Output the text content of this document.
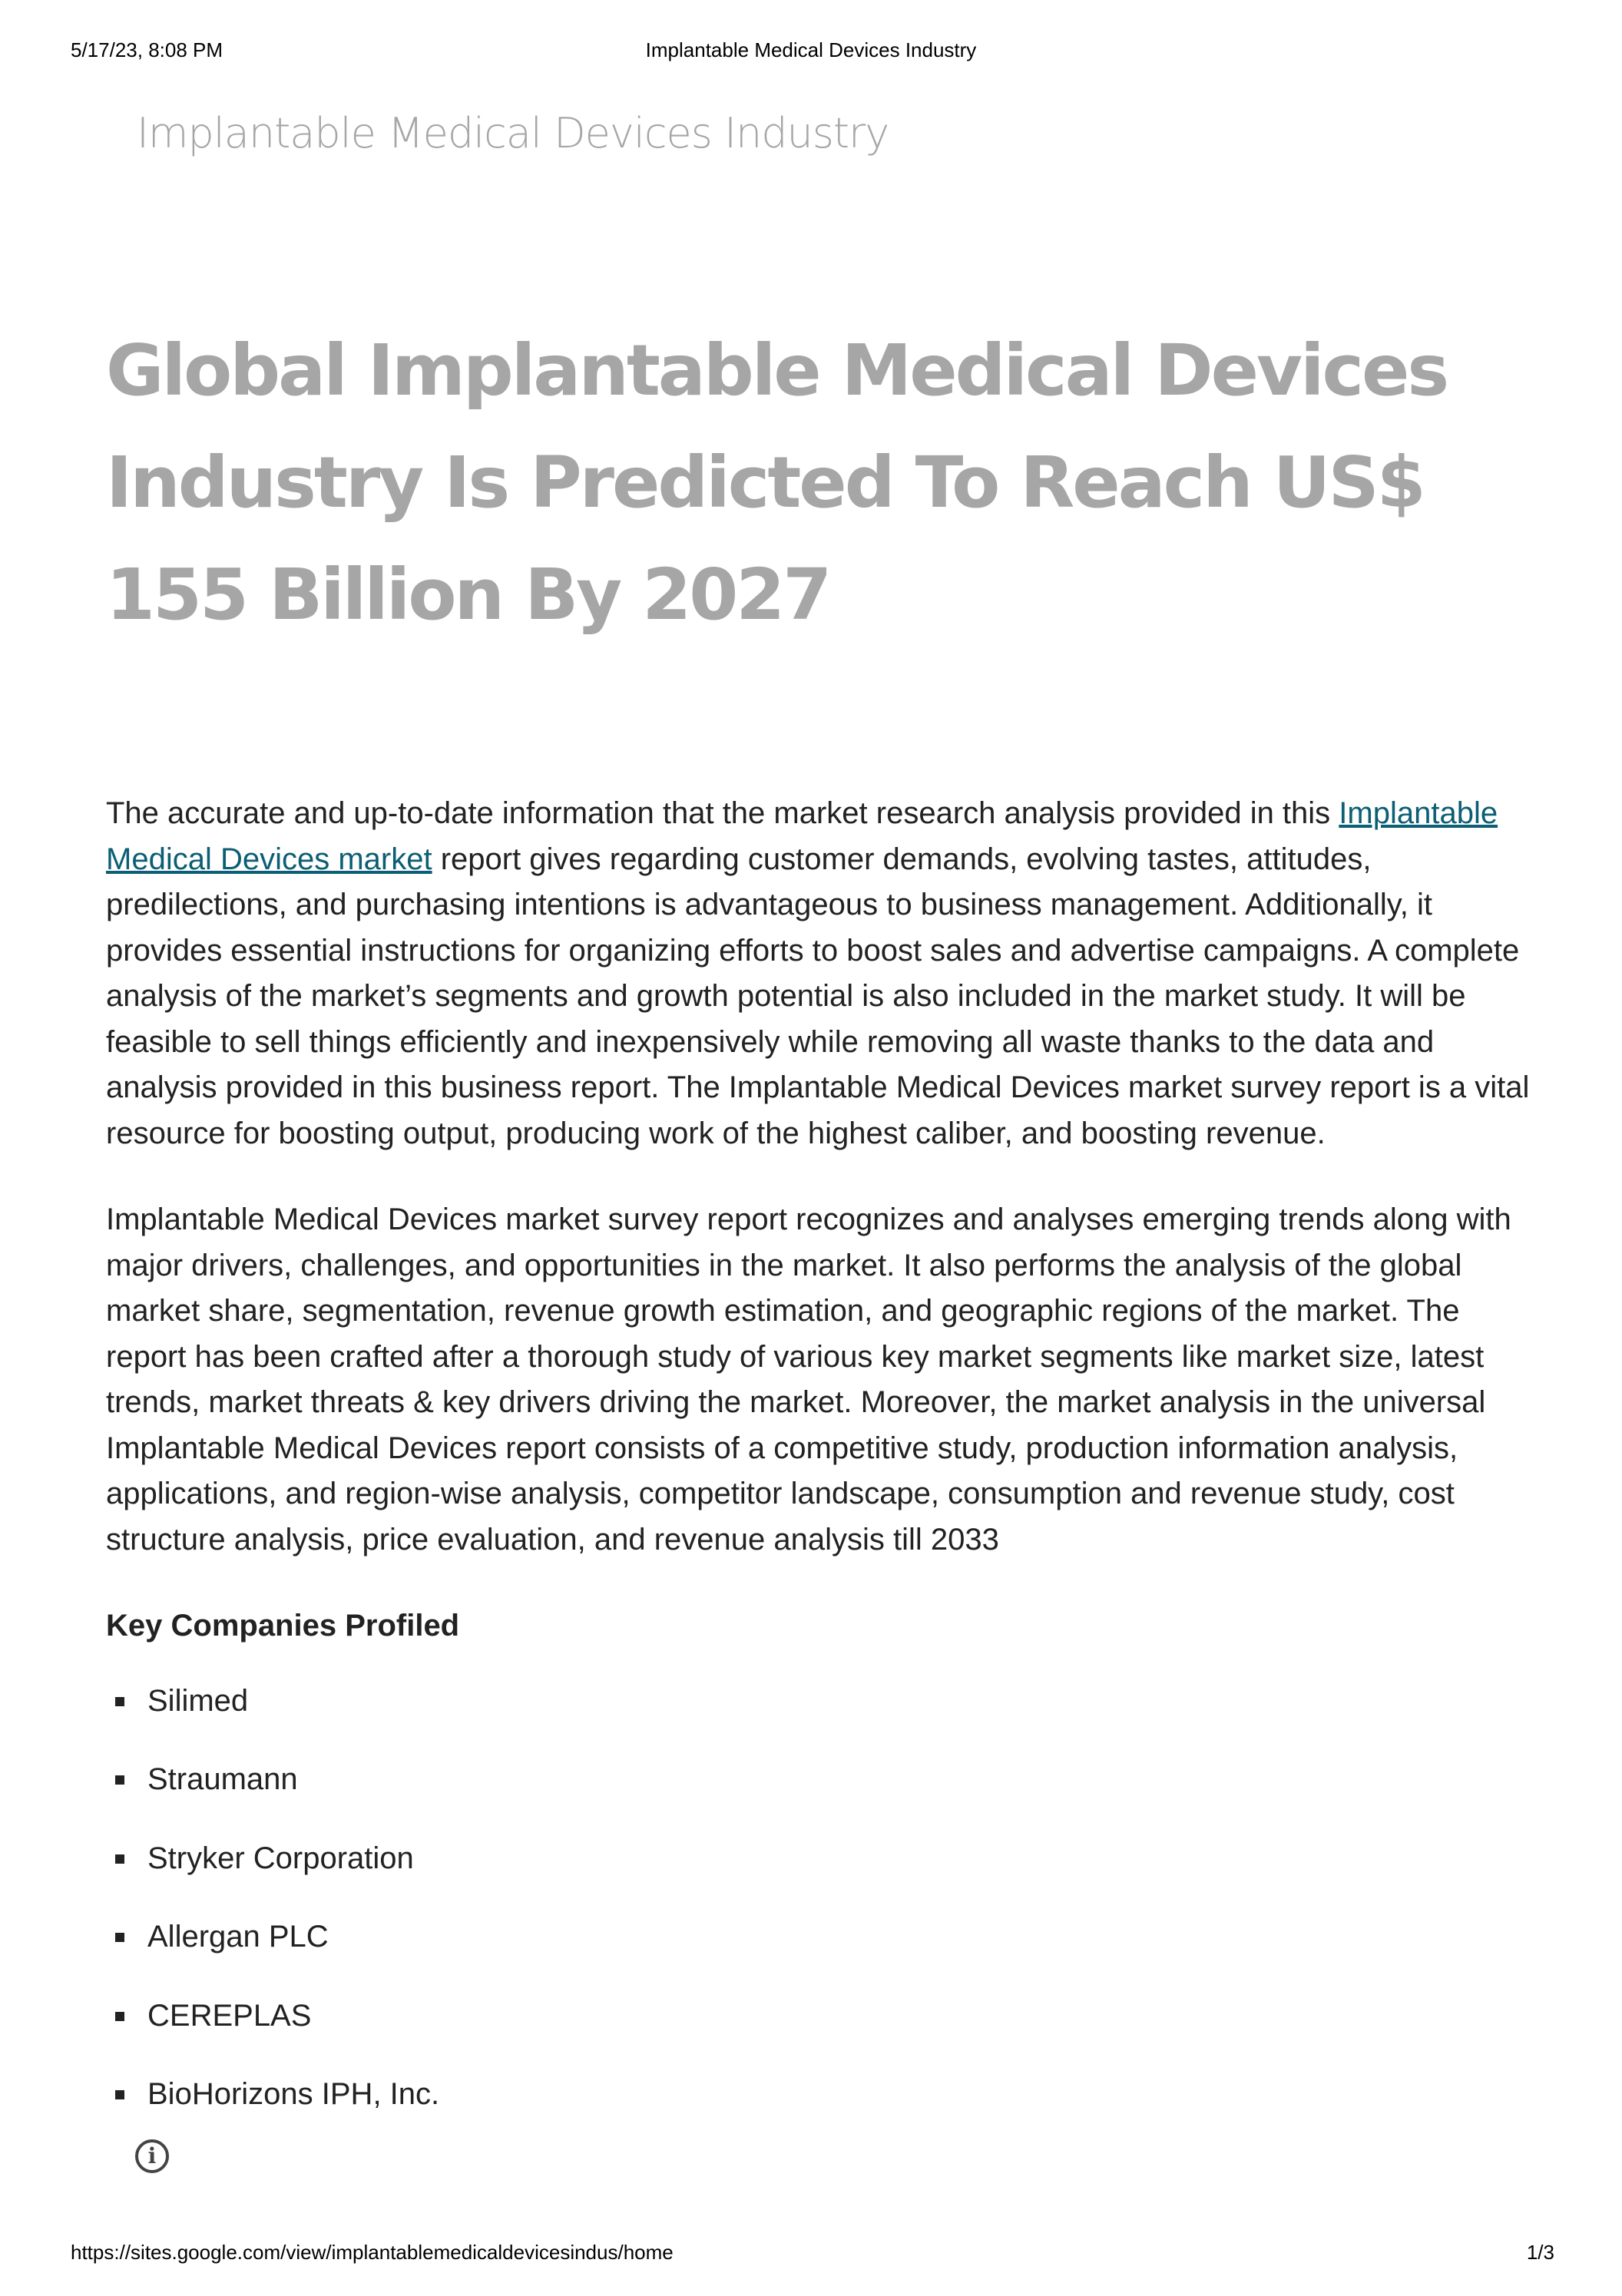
5/17/23, 8:08 PM	Implantable Medical Devices Industry
Implantable Medical Devices Industry
Global Implantable Medical Devices Industry Is Predicted To Reach US$ 155 Billion By 2027

The accurate and up-to-date information that the market research analysis provided in this Implantable Medical Devices market report gives regarding customer demands, evolving tastes, attitudes, predilections, and purchasing intentions is advantageous to business management. Additionally, it provides essential instructions for organizing efforts to boost sales and advertise campaigns. A complete analysis of the market’s segments and growth potential is also included in the market study. It will be feasible to sell things efficiently and inexpensively while removing all waste thanks to the data and analysis provided in this business report. The Implantable Medical Devices market survey report is a vital resource for boosting output, producing work of the highest caliber, and boosting revenue.

Implantable Medical Devices market survey report recognizes and analyses emerging trends along with major drivers, challenges, and opportunities in the market. It also performs the analysis of the global market share, segmentation, revenue growth estimation, and geographic regions of the market. The report has been crafted after a thorough study of various key market segments like market size, latest trends, market threats & key drivers driving the market. Moreover, the market analysis in the universal Implantable Medical Devices report consists of a competitive study, production information analysis, applications, and region-wise analysis, competitor landscape, consumption and revenue study, cost structure analysis, price evaluation, and revenue analysis till 2033

Key Companies Profiled
Silimed
Straumann
Stryker Corporation
Allergan PLC
CEREPLAS
BioHorizons IPH, Inc.
i
https://sites.google.com/view/implantablemedicaldevicesindus/home	1/3
